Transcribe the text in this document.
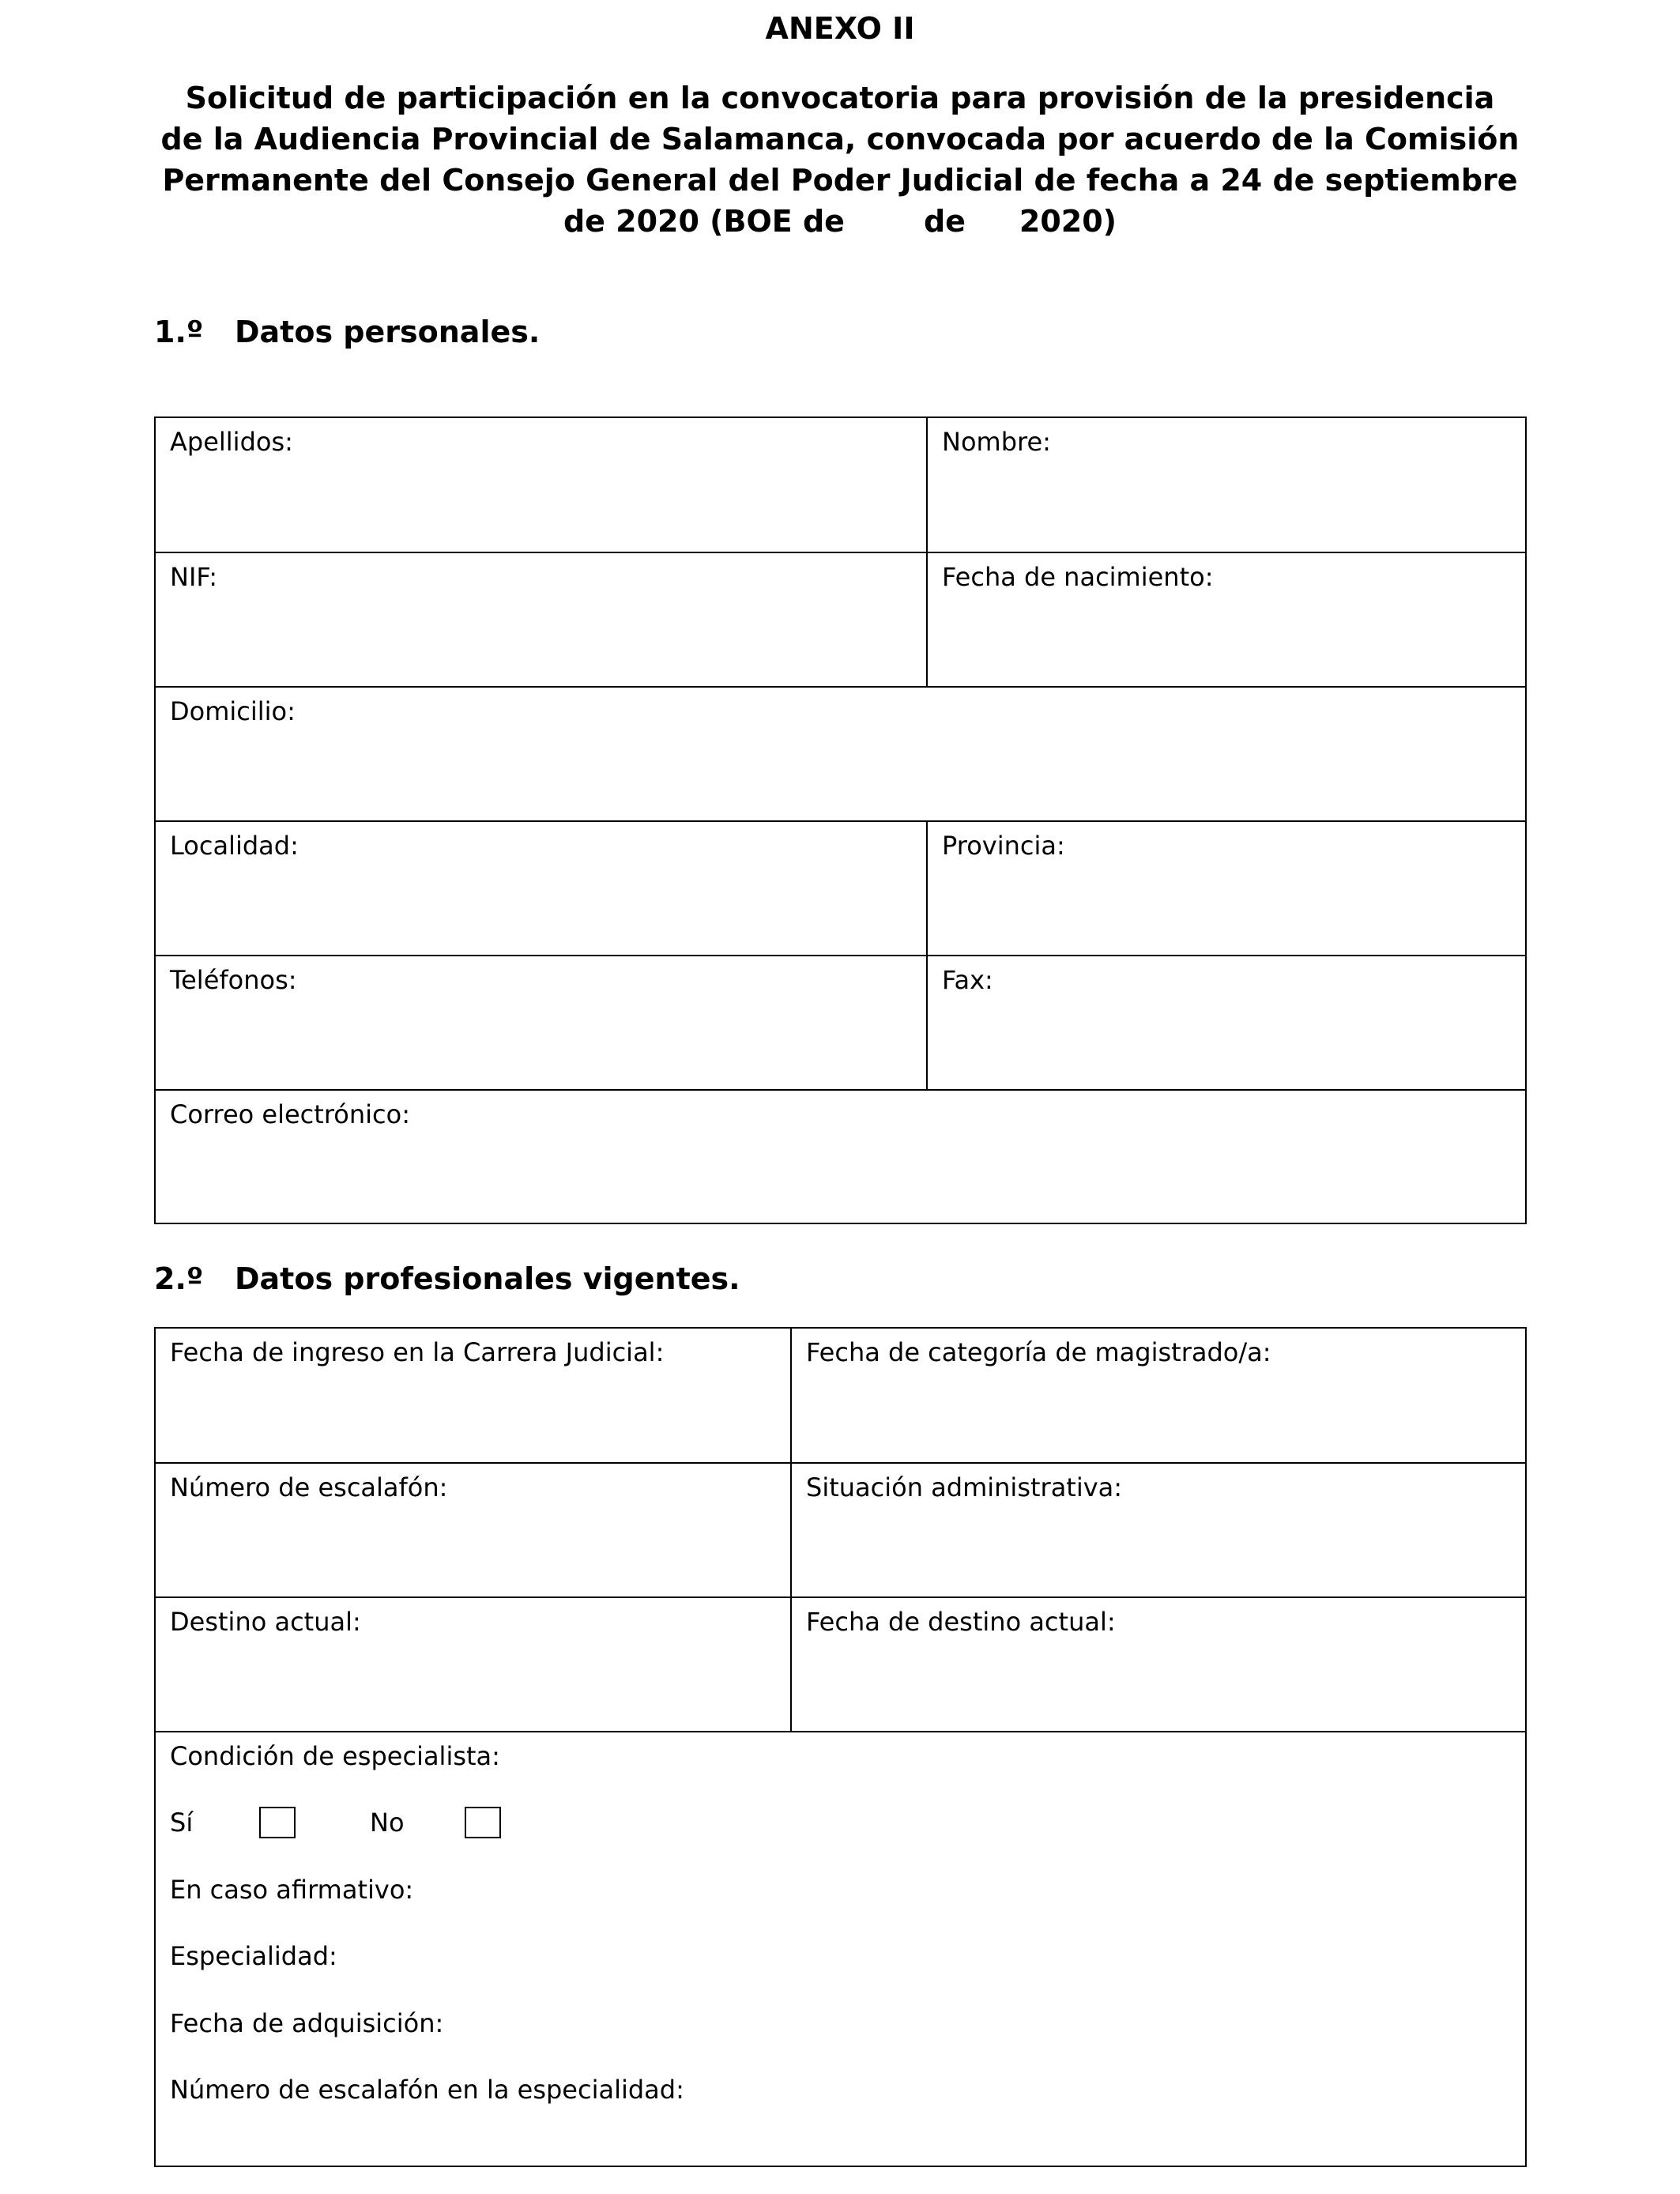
ANEXO II
Solicitud de participación en la convocatoria para provisión de la presidencia
de la Audiencia Provincial de Salamanca, convocada por acuerdo de la Comisión
Permanente del Consejo General del Poder Judicial de fecha a 24 de septiembre
de 2020 (BOE de	de 2020)
1.º Datos personales.
Apellidos:	Nombre:
NIF:	Fecha de nacimiento:
Domicilio:
Localidad:	Provincia:
Teléfonos:	Fax:
Correo electrónico:
2.º Datos profesionales vigentes.
Fecha de ingreso en la Carrera Judicial:	Fecha de categoría de magistrado/a:
Número de escalafón:	Situación administrativa:
Destino actual:	Fecha de destino actual:
Condición de especialista:
Sí	No
En caso afirmativo:
Especialidad:
Fecha de adquisición:
Número de escalafón en la especialidad:
